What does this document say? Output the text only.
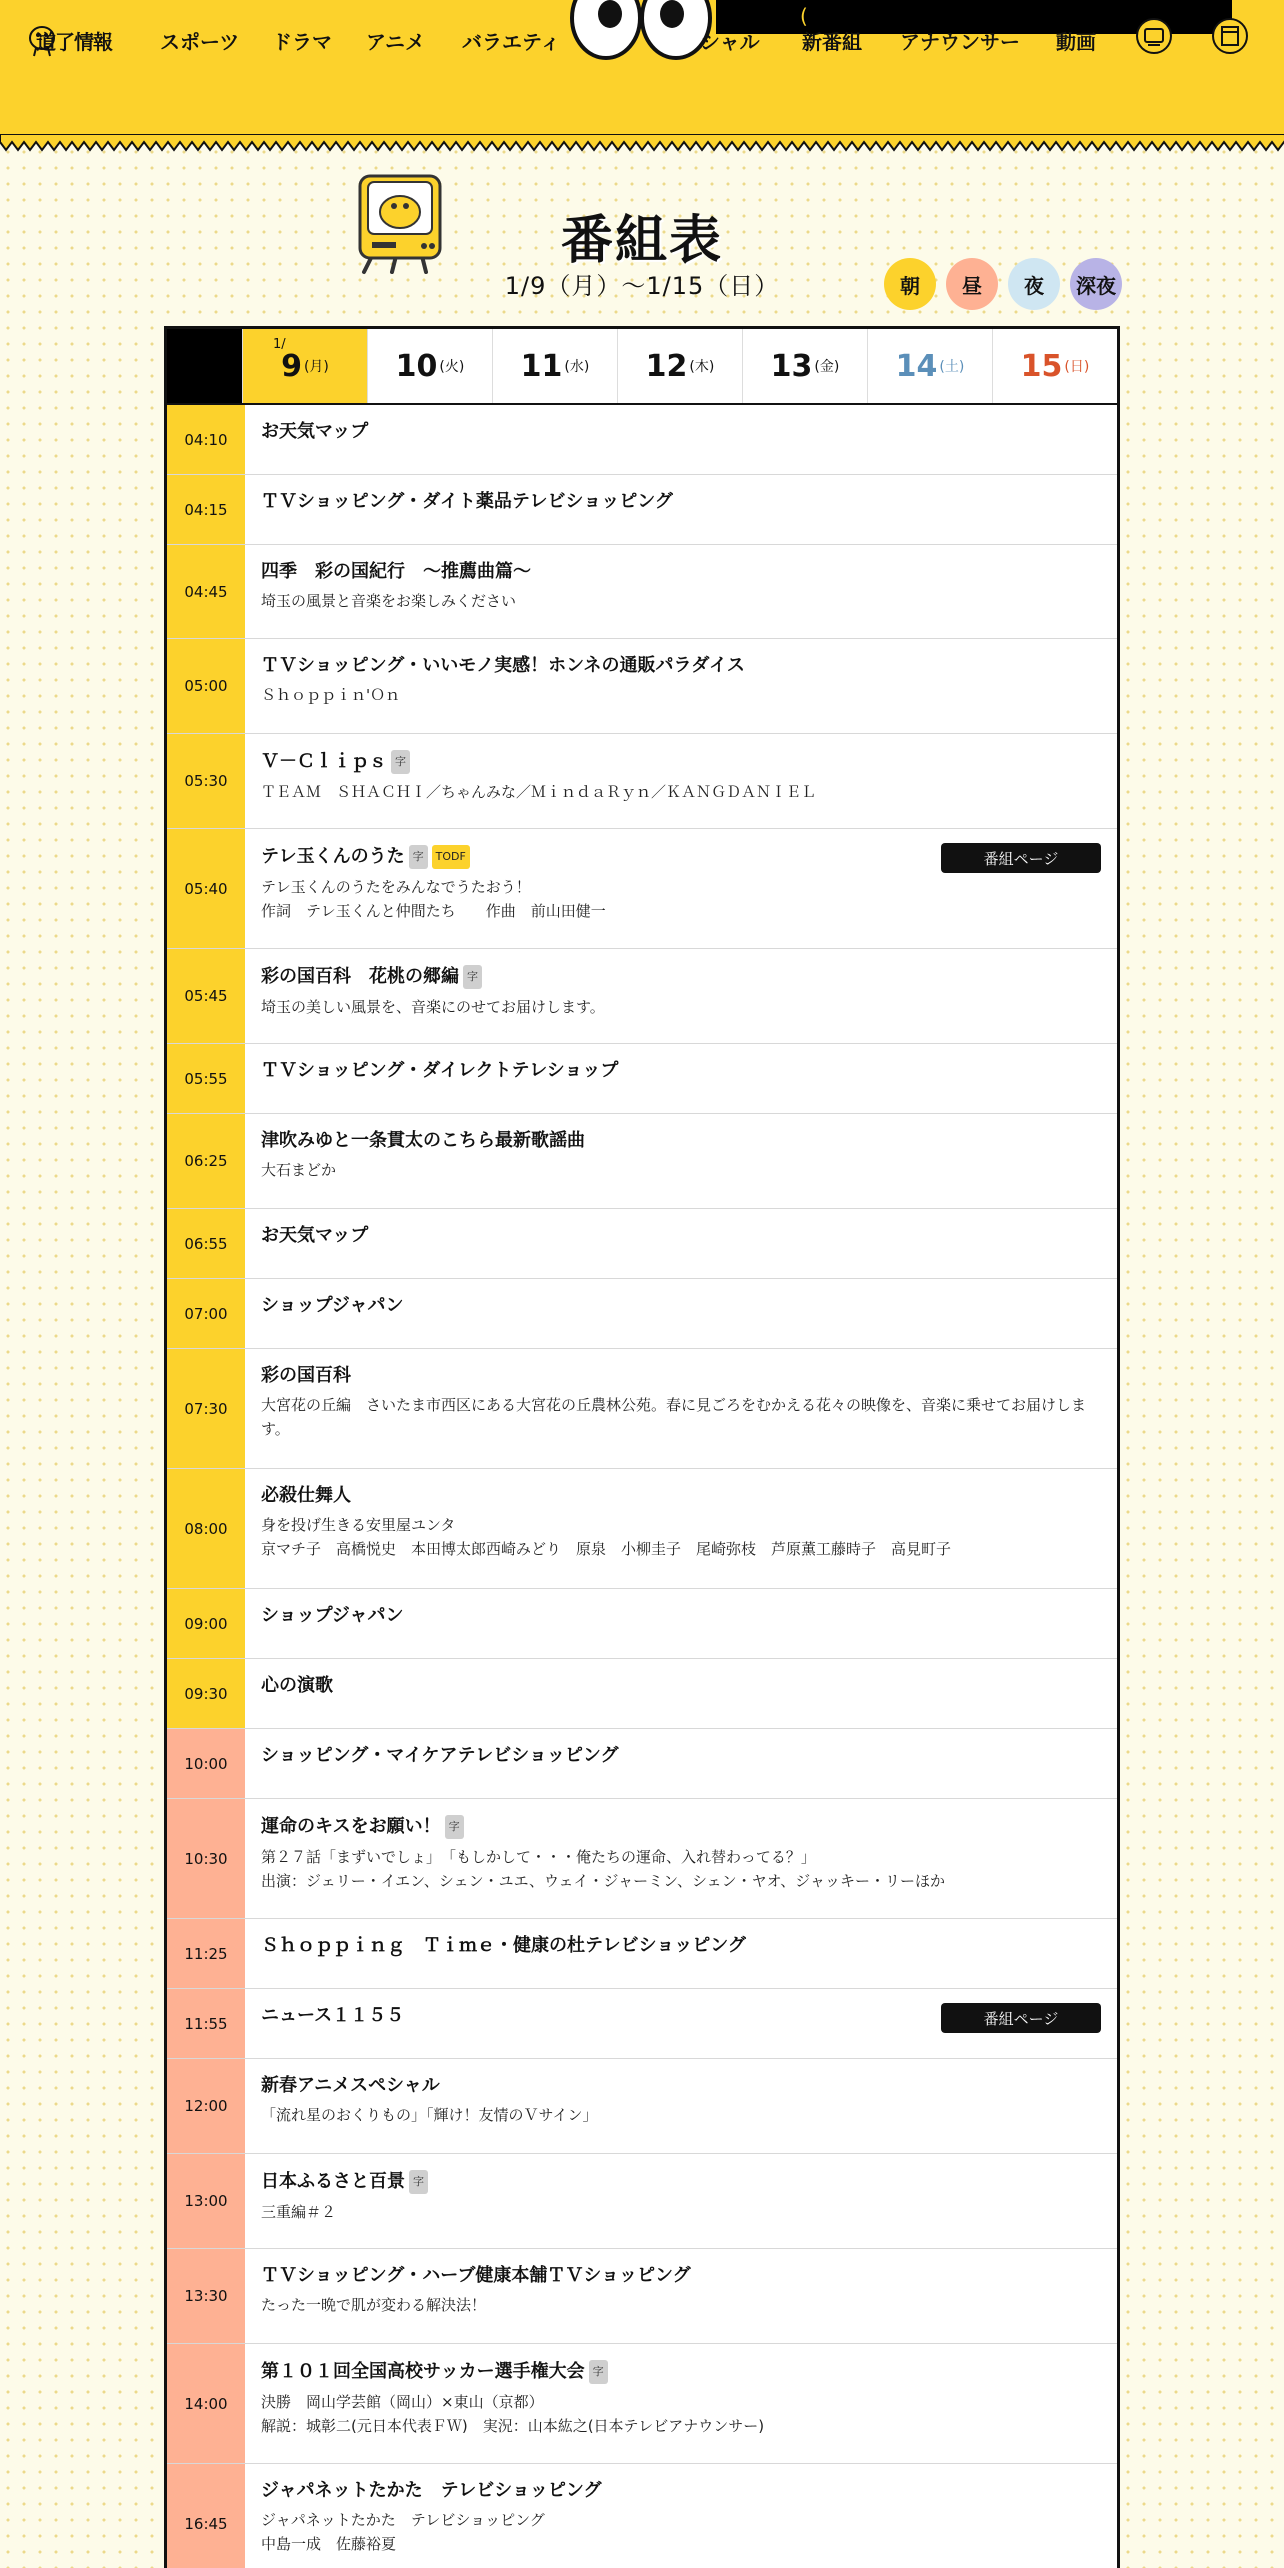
道了情報 スポーツ ドラマ アニメ バラエティ
(
シャル 新番組 アナウンサー 動画
番組表
1/9（月）〜1/15（日）	朝 昼 夜 深夜
1/
9 (月) 10 (火) 11 (水) 12 (木) 13 (金) 14 (土) 15 (日)
04:10	お天気マップ
04:15	ＴＶショッピング・ダイト薬品テレビショッピング
04:45
四季　彩の国紀行　～推薦曲篇～
埼玉の風景と音楽をお楽しみください
05:00
ＴＶショッピング・いいモノ実感！ホンネの通販パラダイス
Ｓｈｏｐｐｉｎ'Ｏｎ
05:30
Ｖ－Ｃｌｉｐｓ 字
ＴＥＡＭ　ＳＨＡＣＨＩ／ちゃんみな／ＭｉｎｄａＲｙｎ／ＫＡＮＧＤＡＮＩＥＬ
05:40
テレ玉くんのうた 字 TODF
テレ玉くんのうたをみんなでうたおう！
作詞　テレ玉くんと仲間たち　　作曲　前山田健一
番組ページ
05:45
彩の国百科　花桃の郷編 字
埼玉の美しい風景を、音楽にのせてお届けします。
05:55	ＴＶショッピング・ダイレクトテレショップ
06:25
津吹みゆと一条貫太のこちら最新歌謡曲
大石まどか
06:55	お天気マップ
07:00	ショップジャパン
07:30
彩の国百科
大宮花の丘編　さいたま市西区にある大宮花の丘農林公苑。春に見ごろをむかえる花々の映像を、音楽に乗せてお届けします。
08:00
必殺仕舞人
身を投げ生きる安里屋ユンタ
京マチ子　高橋悦史　本田博太郎西崎みどり　原泉　小柳圭子　尾崎弥枝　芦原薫工藤時子　高見町子
09:00	ショップジャパン
09:30	心の演歌
10:00	ショッピング・マイケアテレビショッピング
10:30
運命のキスをお願い！ 字
第２７話「まずいでしょ」　「もしかして・・・俺たちの運命、入れ替わってる？」
出演：ジェリー・イエン、シェン・ユエ、ウェイ・ジャーミン、シェン・ヤオ、ジャッキー・リーほか
11:25	Ｓｈｏｐｐｉｎｇ　Ｔｉｍｅ・健康の杜テレビショッピング
11:55	ニュース１１５５	番組ページ
12:00
新春アニメスペシャル
「流れ星のおくりもの」「輝け！友情のＶサイン」
13:00
日本ふるさと百景 字
三重編＃２
13:30
ＴＶショッピング・ハーブ健康本舗ＴＶショッピング
たった一晩で肌が変わる解決法！
14:00
第１０１回全国高校サッカー選手権大会 字
決勝　岡山学芸館（岡山）×東山（京都）
解説：城彰二(元日本代表ＦＷ)　実況：山本紘之(日本テレビアナウンサー)
16:45
ジャパネットたかた　テレビショッピング
ジャパネットたかた　テレビショッピング
中島一成　佐藤裕夏
